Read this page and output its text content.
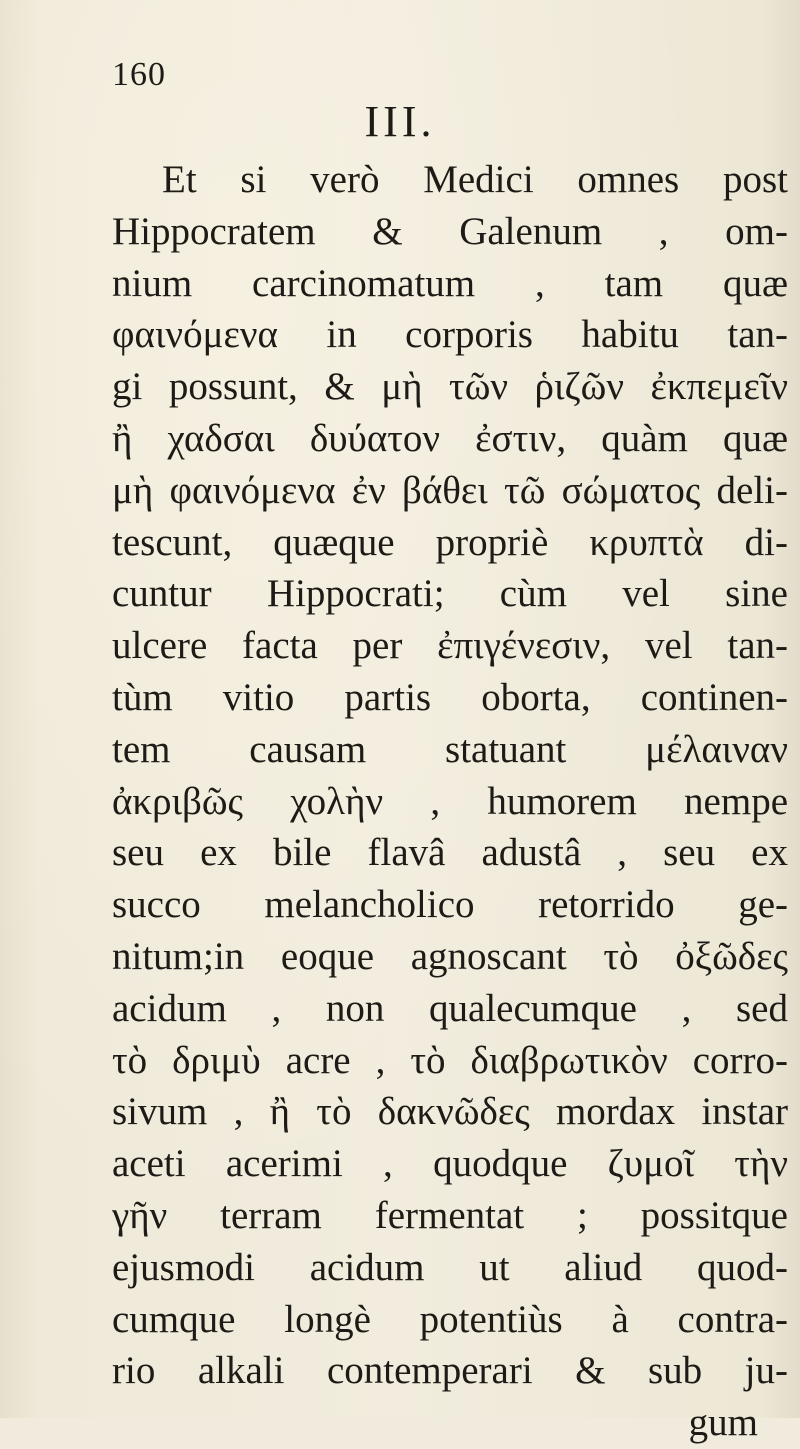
160
III.
Et si verò Medici omnes post
Hippocratem & Galenum , om-
nium carcinomatum , tam quæ
φαινόμενα in corporis habitu tan-
gi possunt, & μὴ τῶν ῥιζῶν ἐκπεμεῖν
ἢ χαδσαι δυύατον ἐστιν, quàm quæ
μὴ φαινόμενα ἐν βάθει τῶ σώματος deli-
tescunt, quæque propriè κρυπτὰ di-
cuntur Hippocrati; cùm vel sine
ulcere facta per ἐπιγένεσιν, vel tan-
tùm vitio partis oborta, continen-
tem causam statuant μέλαιναν
ἀκριβῶς χολὴν , humorem nempe
seu ex bile flavâ adustâ , seu ex
succo melancholico retorrido ge-
nitum;in eoque agnoscant τὸ ὀξῶδες
acidum , non qualecumque , sed
τὸ δριμὺ acre , τὸ διαβρωτικὸν corro-
sivum , ἢ τὸ δακνῶδες mordax instar
aceti acerimi , quodque ζυμοῖ τὴν
γῆν terram fermentat ; possitque
ejusmodi acidum ut aliud quod-
cumque longè potentiùs à contra-
rio alkali contemperari & sub ju-
gum
